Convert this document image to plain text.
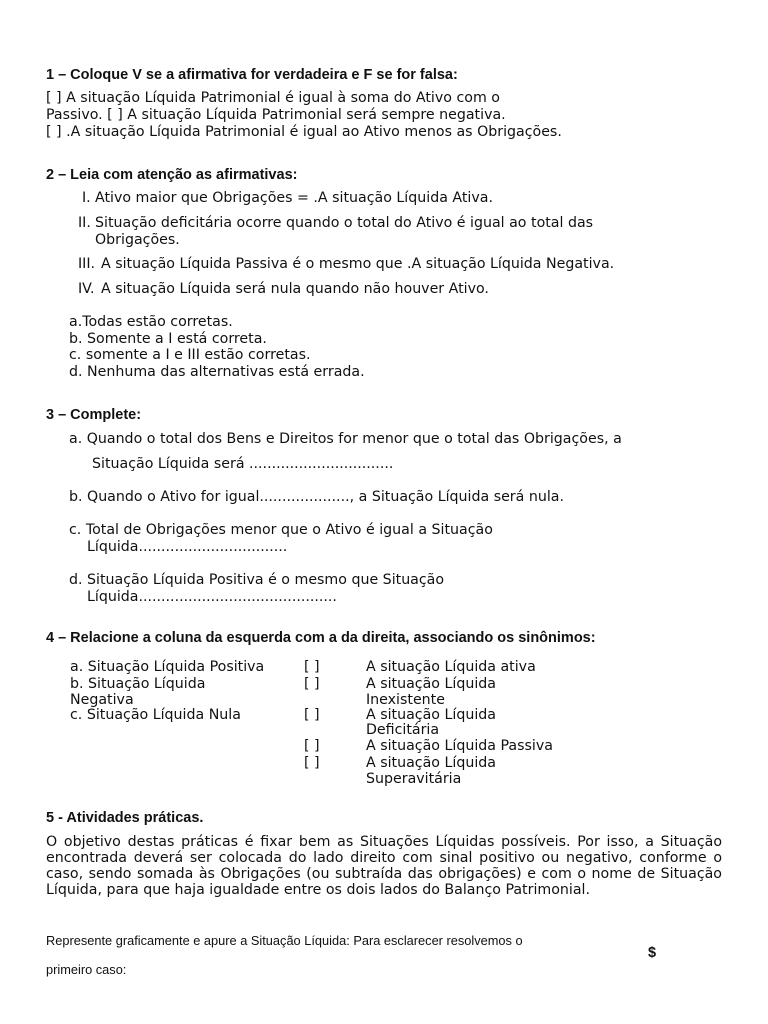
1 – Coloque V se a afirmativa for verdadeira e F se for falsa:
[ ] A situação Líquida Patrimonial é igual à soma do Ativo com o
Passivo. [ ] A situação Líquida Patrimonial será sempre negativa.
[ ] .A situação Líquida Patrimonial é igual ao Ativo menos as Obrigações.
2 – Leia com atenção as afirmativas:
I. Ativo maior que Obrigações = .A situação Líquida Ativa.
II. Situação deficitária ocorre quando o total do Ativo é igual ao total das
Obrigações.
III. A situação Líquida Passiva é o mesmo que .A situação Líquida Negativa.
IV. A situação Líquida será nula quando não houver Ativo.
a.Todas estão corretas.
b. Somente a I está correta.
c. somente a I e III estão corretas.
d. Nenhuma das alternativas está errada.
3 – Complete:
a. Quando o total dos Bens e Direitos for menor que o total das Obrigações, a
Situação Líquida será ................................
b. Quando o Ativo for igual...................., a Situação Líquida será nula.
c. Total de Obrigações menor que o Ativo é igual a Situação
Líquida.................................
d. Situação Líquida Positiva é o mesmo que Situação
Líquida............................................
4 – Relacione a coluna da esquerda com a da direita, associando os sinônimos:
a. Situação Líquida Positiva
b. Situação Líquida
Negativa
c. Situação Líquida Nula
[ ]
[ ]
[ ]
[ ]
[ ]
A situação Líquida ativa
A situação Líquida
Inexistente
A situação Líquida
Deficitária
A situação Líquida Passiva
A situação Líquida
Superavitária
5 - Atividades práticas.
O objetivo destas práticas é fixar bem as Situações Líquidas possíveis. Por isso, a Situação encontrada deverá ser colocada do lado direito com sinal positivo ou negativo, conforme o caso, sendo somada às Obrigações (ou subtraída das obrigações) e com o nome de Situação Líquida, para que haja igualdade entre os dois lados do Balanço Patrimonial.
Represente graficamente e apure a Situação Líquida: Para esclarecer resolvemos o
$
primeiro caso:
